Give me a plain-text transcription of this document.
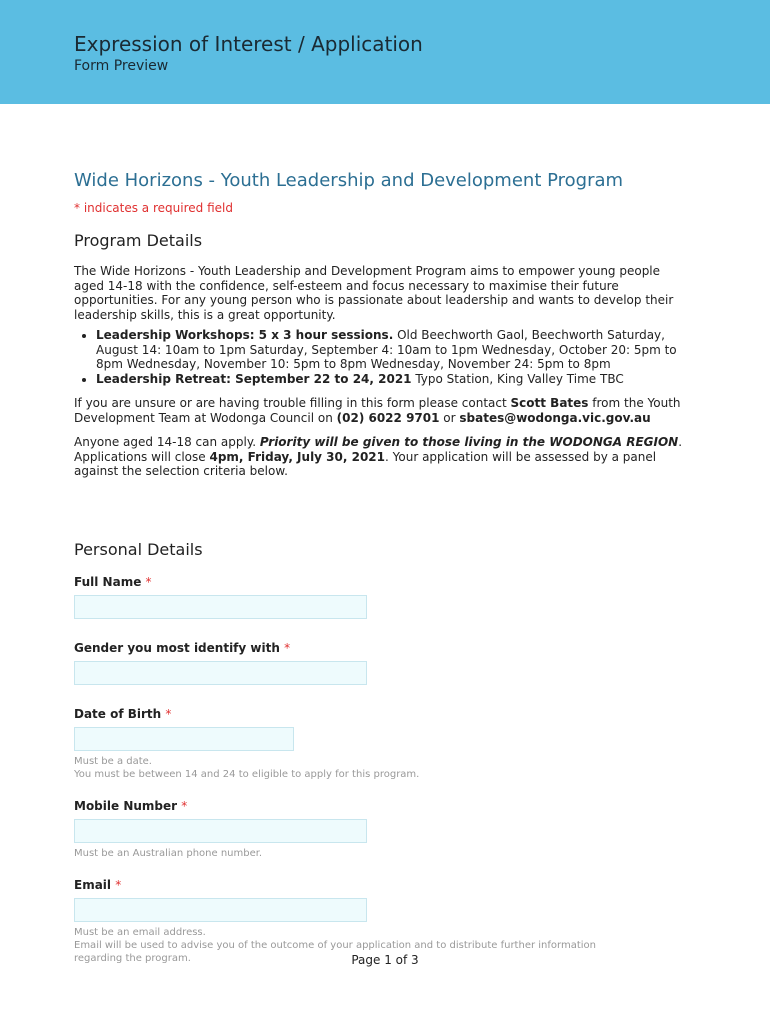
Expression of Interest / Application
Form Preview
Wide Horizons - Youth Leadership and Development Program
* indicates a required field
Program Details

The Wide Horizons - Youth Leadership and Development Program aims to empower young people aged 14-18 with the confidence, self-esteem and focus necessary to maximise their future opportunities. For any young person who is passionate about leadership and wants to develop their leadership skills, this is a great opportunity.

• Leadership Workshops: 5 x 3 hour sessions. Old Beechworth Gaol, Beechworth Saturday, August 14: 10am to 1pm Saturday, September 4: 10am to 1pm Wednesday, October 20: 5pm to 8pm Wednesday, November 10: 5pm to 8pm Wednesday, November 24: 5pm to 8pm
• Leadership Retreat: September 22 to 24, 2021 Typo Station, King Valley Time TBC

If you are unsure or are having trouble filling in this form please contact Scott Bates from the Youth Development Team at Wodonga Council on (02) 6022 9701 or sbates@wodonga.vic.gov.au

Anyone aged 14-18 can apply. Priority will be given to those living in the WODONGA REGION. Applications will close 4pm, Friday, July 30, 2021. Your application will be assessed by a panel against the selection criteria below.

Personal Details
Full Name *
Gender you most identify with *
Date of Birth *
Must be a date.
You must be between 14 and 24 to eligible to apply for this program.
Mobile Number *
Must be an Australian phone number.
Email *
Must be an email address.
Email will be used to advise you of the outcome of your application and to distribute further information regarding the program.	Page 1 of 3
